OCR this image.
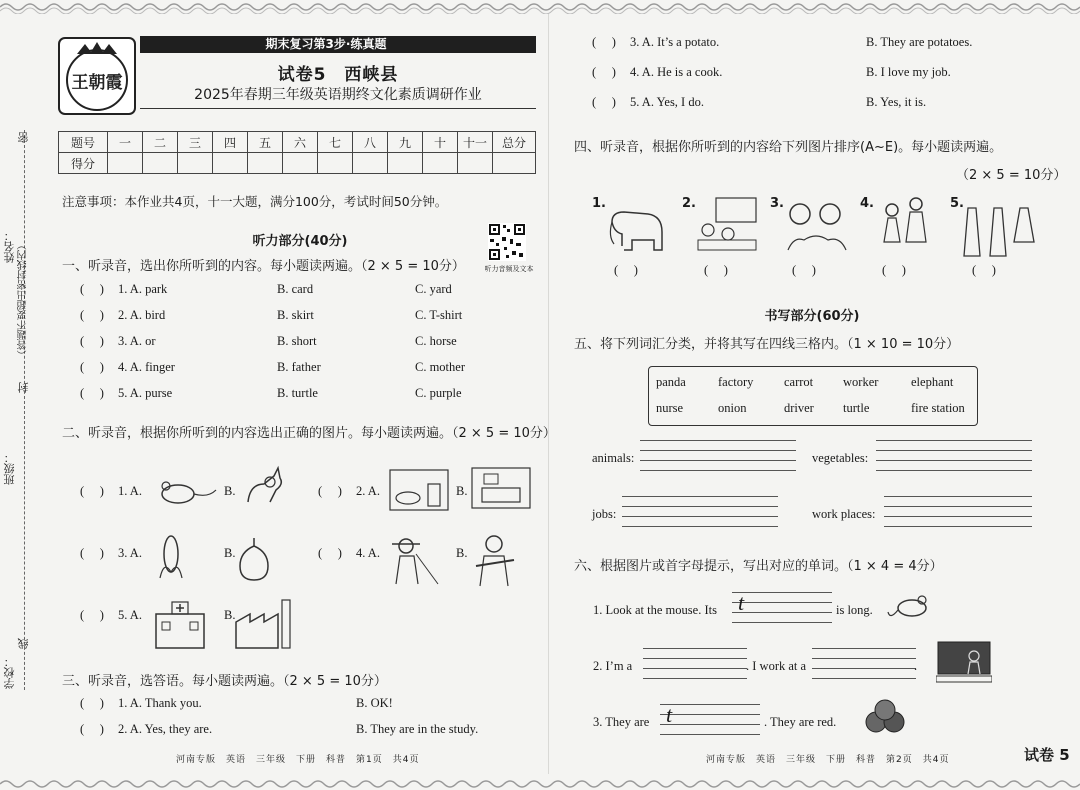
密
封
线
（答题不要超出密封线内）
姓名：
班级：
学校：
王朝霞
期末复习第3步·练真题
试卷5　西峡县
2025年春期三年级英语期终文化素质调研作业
题号	一	二	三	四	五	六	七	八	九	十	十一	总分
得分												
注意事项：本作业共4页，十一大题，满分100分，考试时间50分钟。
听力部分(40分)
听力音频及文本
一、听录音，选出你所听到的内容。每小题读两遍。（2 × 5 = 10分）
(     ) 1. A. park	B. card	C. yard
(     ) 2. A. bird	B. skirt	C. T-shirt
(     ) 3. A. or	B. short	C. horse
(     ) 4. A. finger	B. father	C. mother
(     ) 5. A. purse	B. turtle	C. purple
二、听录音，根据你所听到的内容选出正确的图片。每小题读两遍。（2 × 5 = 10分）
(     ) 1. A.	B.	(     ) 2. A.	B.
(     ) 3. A.	B.	(     ) 4. A.	B.
(     ) 5. A.	B.
三、听录音，选答语。每小题读两遍。（2 × 5 = 10分）
(     ) 1. A. Thank you.	B. OK!
(     ) 2. A. Yes, they are.	B. They are in the study.
(     ) 3. A. It’s a potato.	B. They are potatoes.
(     ) 4. A. He is a cook.	B. I love my job.
(     ) 5. A. Yes, I do.	B. Yes, it is.
四、听录音，根据你所听到的内容给下列图片排序(A~E)。每小题读两遍。
（2 × 5 = 10分）
1.
(     )
2.
(     )
3.
(     )
4.
(     )
5.
(     )
书写部分(60分)
五、将下列词汇分类，并将其写在四线三格内。（1 × 10 = 10分）
panda	factory carrot worker	elephant
nurse	onion	driver turtle	fire station
animals:	vegetables:
jobs:	work places:
六、根据图片或首字母提示，写出对应的单词。（1 × 4 = 4分）
1. Look at the mouse. Its t	is long.
2. I’m a	. I work at a	.
3. They are t	. They are red.
河南专版　英语　三年级　下册　科普　第1页　共4页	河南专版　英语　三年级　下册　科普　第2页　共4页	试卷 5
